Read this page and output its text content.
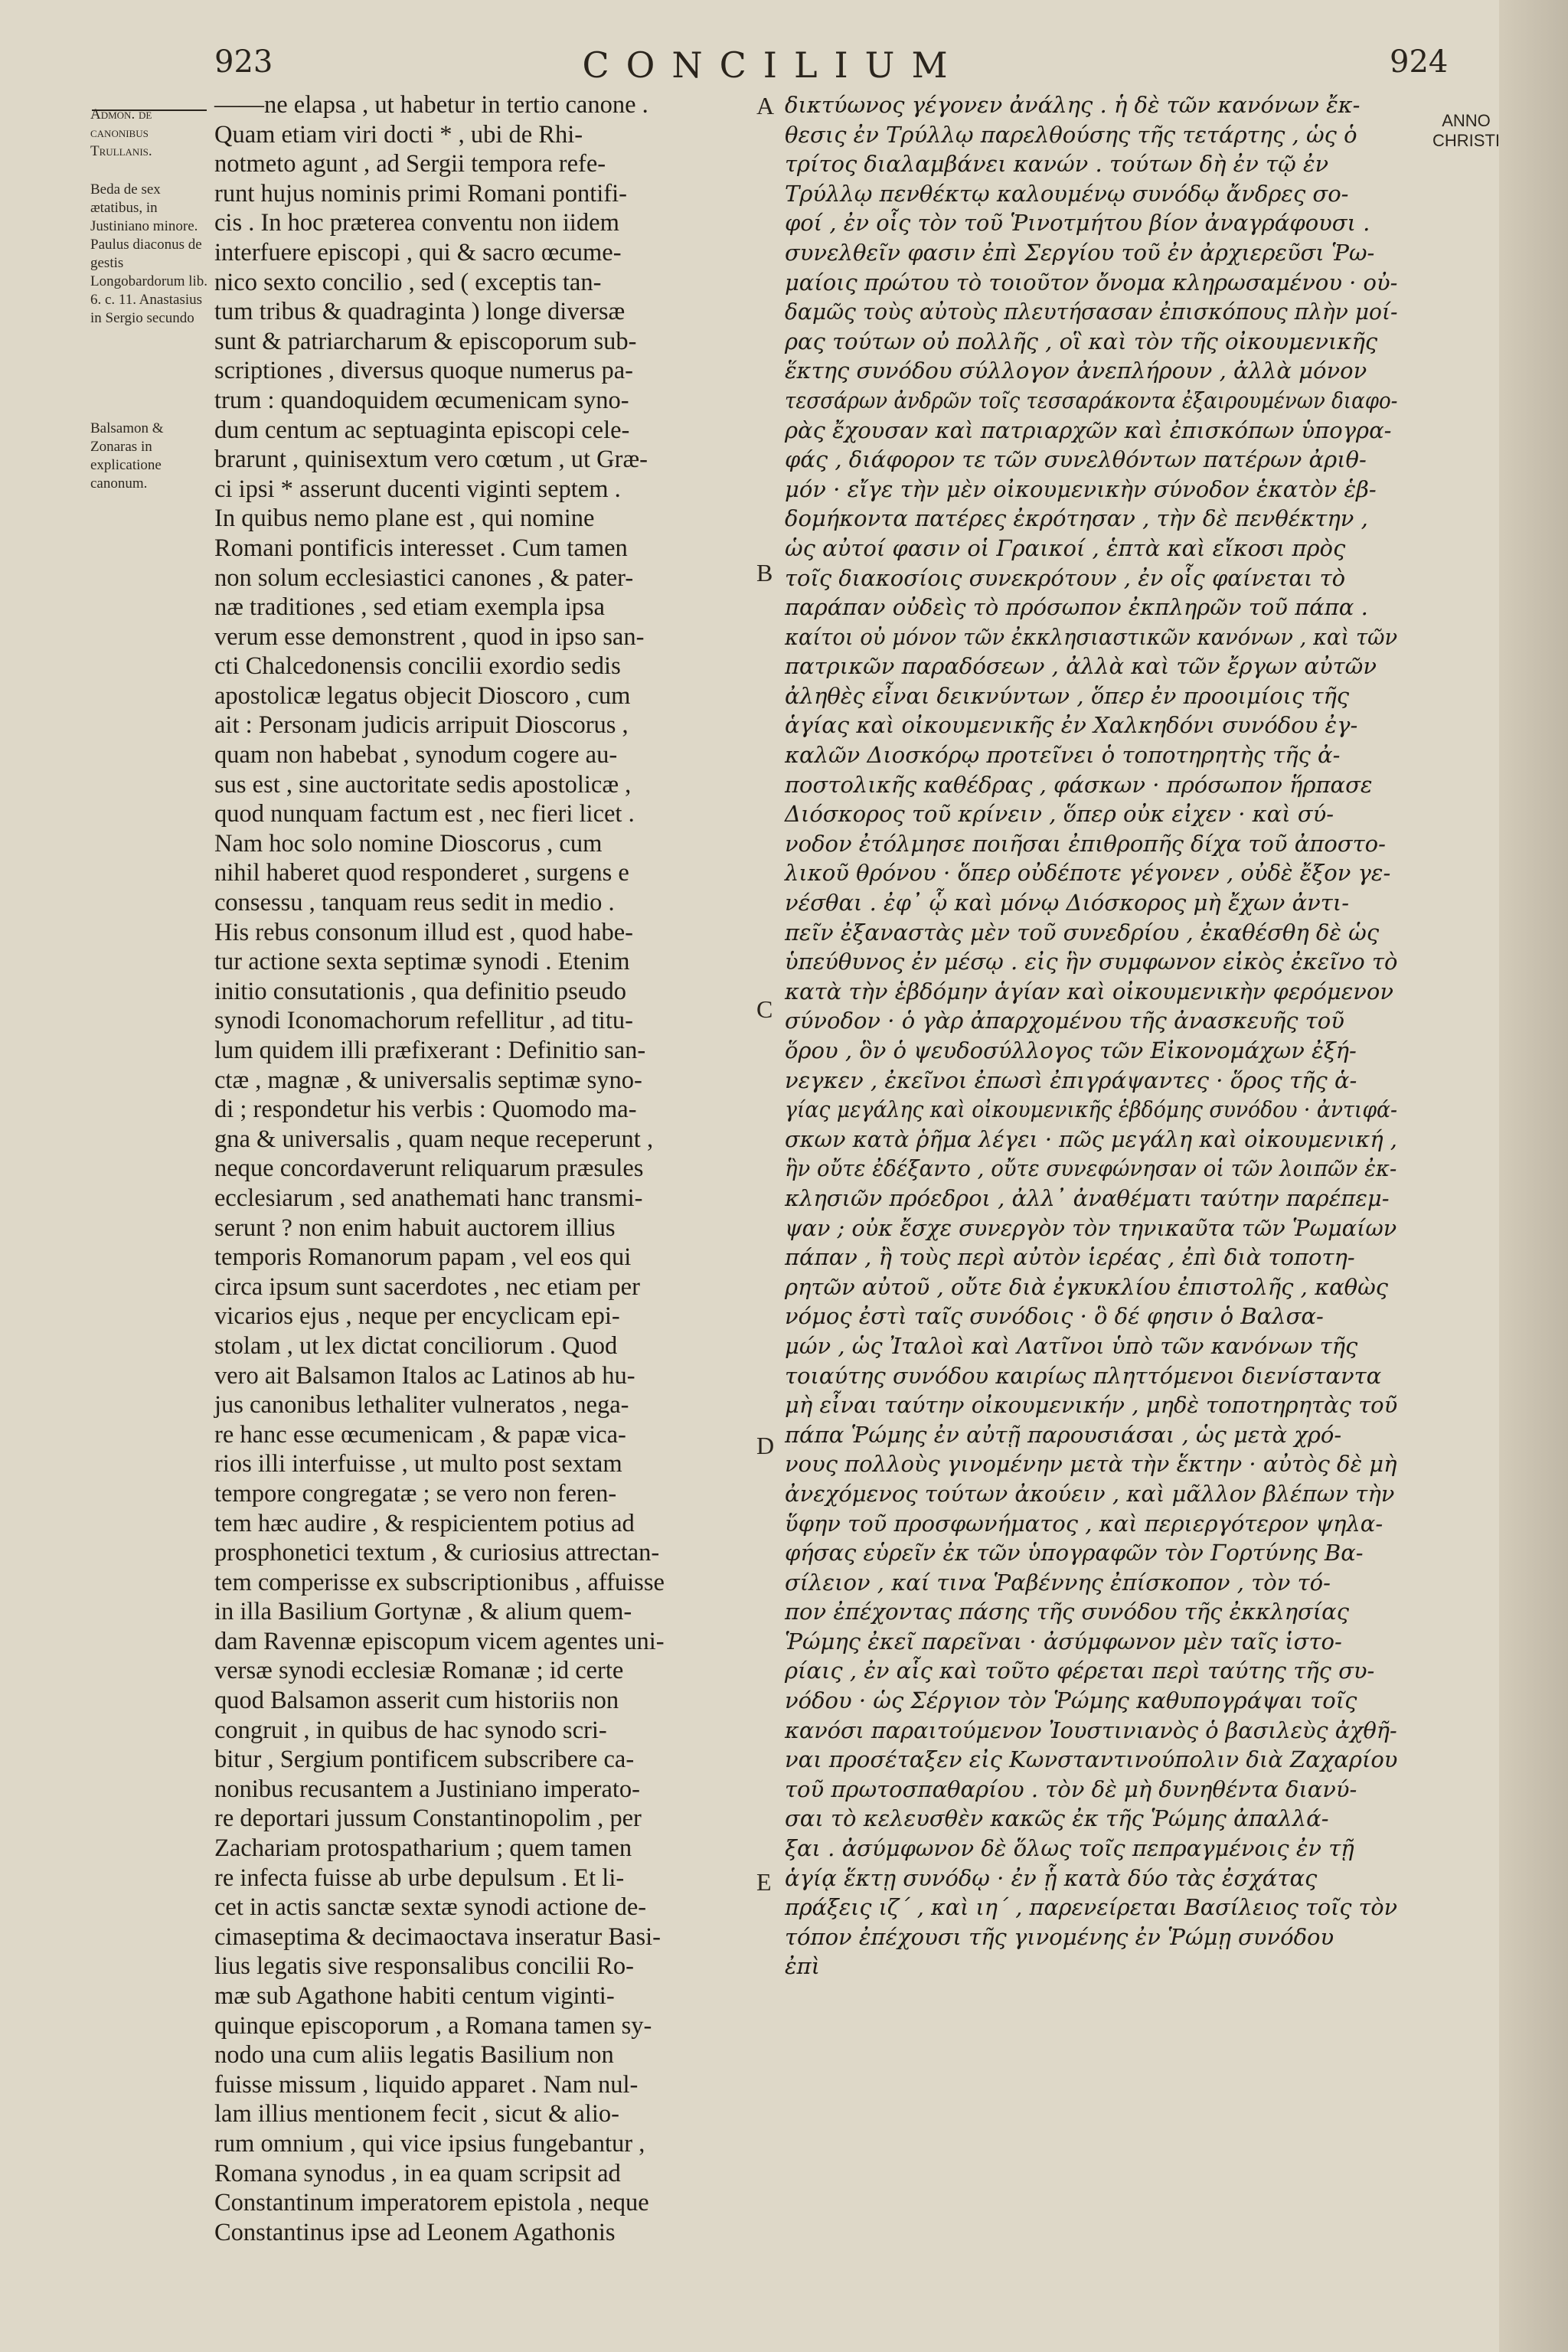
923	CONCILIUM	924
Admon. de canonibus Trullanis.
Beda de sex ætatibus, in Justiniano minore. Paulus diaconus de gestis Longobardorum lib. 6. c. 11. Anastasius in Sergio secundo
Balsamon & Zonaras in explicatione canonum.
——ne elapsa , ut habetur in tertio canone .
Quam etiam viri docti * , ubi de Rhi-
notmeto agunt , ad Sergii tempora refe-
runt hujus nominis primi Romani pontifi-
cis . In hoc præterea conventu non iidem
interfuere episcopi , qui & sacro œcume-
nico sexto concilio , sed ( exceptis tan-
tum tribus & quadraginta ) longe diversæ
sunt & patriarcharum & episcoporum sub-
scriptiones , diversus quoque numerus pa-
trum : quandoquidem œcumenicam syno-
dum centum ac septuaginta episcopi cele-
brarunt , quinisextum vero cœtum , ut Græ-
ci ipsi * asserunt ducenti viginti septem .
In quibus nemo plane est , qui nomine
Romani pontificis interesset . Cum tamen
non solum ecclesiastici canones , & pater-
næ traditiones , sed etiam exempla ipsa
verum esse demonstrent , quod in ipso san-
cti Chalcedonensis concilii exordio sedis
apostolicæ legatus objecit Dioscoro , cum
ait : Personam judicis arripuit Dioscorus ,
quam non habebat , synodum cogere au-
sus est , sine auctoritate sedis apostolicæ ,
quod nunquam factum est , nec fieri licet .
Nam hoc solo nomine Dioscorus , cum
nihil haberet quod responderet , surgens e
consessu , tanquam reus sedit in medio .
His rebus consonum illud est , quod habe-
tur actione sexta septimæ synodi . Etenim
initio consutationis , qua definitio pseudo
synodi Iconomachorum refellitur , ad titu-
lum quidem illi præfixerant : Definitio san-
ctæ , magnæ , & universalis septimæ syno-
di ; respondetur his verbis : Quomodo ma-
gna & universalis , quam neque receperunt ,
neque concordaverunt reliquarum præsules
ecclesiarum , sed anathemati hanc transmi-
serunt ? non enim habuit auctorem illius
temporis Romanorum papam , vel eos qui
circa ipsum sunt sacerdotes , nec etiam per
vicarios ejus , neque per encyclicam epi-
stolam , ut lex dictat conciliorum . Quod
vero ait Balsamon Italos ac Latinos ab hu-
jus canonibus lethaliter vulneratos , nega-
re hanc esse œcumenicam , & papæ vica-
rios illi interfuisse , ut multo post sextam
tempore congregatæ ; se vero non feren-
tem hæc audire , & respicientem potius ad
prosphonetici textum , & curiosius attrectan-
tem comperisse ex subscriptionibus , affuisse
in illa Basilium Gortynæ , & alium quem-
dam Ravennæ episcopum vicem agentes uni-
versæ synodi ecclesiæ Romanæ ; id certe
quod Balsamon asserit cum historiis non
congruit , in quibus de hac synodo scri-
bitur , Sergium pontificem subscribere ca-
nonibus recusantem a Justiniano imperato-
re deportari jussum Constantinopolim , per
Zachariam protospatharium ; quem tamen
re infecta fuisse ab urbe depulsum . Et li-
cet in actis sanctæ sextæ synodi actione de-
cimaseptima & decimaoctava inseratur Basi-
lius legatis sive responsalibus concilii Ro-
mæ sub Agathone habiti centum viginti-
quinque episcoporum , a Romana tamen sy-
nodo una cum aliis legatis Basilium non
fuisse missum , liquido apparet . Nam nul-
lam illius mentionem fecit , sicut & alio-
rum omnium , qui vice ipsius fungebantur ,
Romana synodus , in ea quam scripsit ad
Constantinum imperatorem epistola , neque
Constantinus ipse ad Leonem Agathonis
A
B
C
D
E
δικτύωνος γέγονεν ἀνάλης . ἡ δὲ τῶν κανόνων ἔκ-
θεσις ἐν Τρύλλῳ παρελθούσης τῆς τετάρτης , ὡς ὁ
τρίτος διαλαμβάνει κανών . τούτων δὴ ἐν τῷ ἐν
Τρύλλῳ πενθέκτῳ καλουμένῳ συνόδῳ ἄνδρες σο-
φοί , ἐν οἷς τὸν τοῦ Ῥινοτμήτου βίον ἀναγράφουσι .
συνελθεῖν φασιν ἐπὶ Σεργίου τοῦ ἐν ἀρχιερεῦσι Ῥω-
μαίοις πρώτου τὸ τοιοῦτον ὄνομα κληρωσαμένου · οὐ-
δαμῶς τοὺς αὐτοὺς πλευτήσασαν ἐπισκόπους πλὴν μοί-
ρας τούτων οὐ πολλῆς , οἳ καὶ τὸν τῆς οἰκουμενικῆς
ἕκτης συνόδου σύλλογον ἀνεπλήρουν , ἀλλὰ μόνον
τεσσάρων ἀνδρῶν τοῖς τεσσαράκοντα ἐξαιρουμένων διαφο-
ρὰς ἔχουσαν καὶ πατριαρχῶν καὶ ἐπισκόπων ὑπογρα-
φάς , διάφορον τε τῶν συνελθόντων πατέρων ἀριθ-
μόν · εἴγε τὴν μὲν οἰκουμενικὴν σύνοδον ἑκατὸν ἑβ-
δομήκοντα πατέρες ἐκρότησαν , τὴν δὲ πενθέκτην ,
ὡς αὐτοί φασιν οἱ Γραικοί , ἑπτὰ καὶ εἴκοσι πρὸς
τοῖς διακοσίοις συνεκρότουν , ἐν οἷς φαίνεται τὸ
παράπαν οὐδεὶς τὸ πρόσωπον ἐκπληρῶν τοῦ πάπα .
καίτοι οὐ μόνον τῶν ἐκκλησιαστικῶν κανόνων , καὶ τῶν
πατρικῶν παραδόσεων , ἀλλὰ καὶ τῶν ἔργων αὐτῶν
ἀληθὲς εἶναι δεικνύντων , ὅπερ ἐν προοιμίοις τῆς
ἁγίας καὶ οἰκουμενικῆς ἐν Χαλκηδόνι συνόδου ἐγ-
καλῶν Διοσκόρῳ προτεῖνει ὁ τοποτηρητὴς τῆς ἀ-
ποστολικῆς καθέδρας , φάσκων · πρόσωπον ἥρπασε
Διόσκορος τοῦ κρίνειν , ὅπερ οὐκ εἰχεν · καὶ σύ-
νοδον ἐτόλμησε ποιῆσαι ἐπιθροπῆς δίχα τοῦ ἀποστο-
λικοῦ θρόνου · ὅπερ οὐδέποτε γέγονεν , οὐδὲ ἔξον γε-
νέσθαι . ἐφ᾿ ᾧ καὶ μόνῳ Διόσκορος μὴ ἔχων ἀντι-
πεῖν ἐξαναστὰς μὲν τοῦ συνεδρίου , ἐκαθέσθη δὲ ὡς
ὑπεύθυνος ἐν μέσῳ . εἰς ἣν συμφωνον εἰκὸς ἐκεῖνο τὸ
κατὰ τὴν ἑβδόμην ἁγίαν καὶ οἰκουμενικὴν φερόμενον
σύνοδον · ὁ γὰρ ἀπαρχομένου τῆς ἀνασκευῆς τοῦ
ὅρου , ὃν ὁ ψευδοσύλλογος τῶν Εἰκονομάχων ἐξή-
νεγκεν , ἐκεῖνοι ἐπωσὶ ἐπιγράψαντες · ὅρος τῆς ἁ-
γίας μεγάλης καὶ οἰκουμενικῆς ἑβδόμης συνόδου · ἀντιφά-
σκων κατὰ ῥῆμα λέγει · πῶς μεγάλη καὶ οἰκουμενική ,
ἣν οὔτε ἐδέξαντο , οὔτε συνεφώνησαν οἱ τῶν λοιπῶν ἐκ-
κλησιῶν πρόεδροι , ἀλλ᾿ ἀναθέματι ταύτην παρέπεμ-
ψαν ; οὐκ ἔσχε συνεργὸν τὸν τηνικαῦτα τῶν Ῥωμαίων
πάπαν , ἢ τοὺς περὶ αὐτὸν ἱερέας , ἐπὶ διὰ τοποτη-
ρητῶν αὐτοῦ , οὔτε διὰ ἐγκυκλίου ἐπιστολῆς , καθὼς
νόμος ἐστὶ ταῖς συνόδοις · ὃ δέ φησιν ὁ Βαλσα-
μών , ὡς Ἰταλοὶ καὶ Λατῖνοι ὑπὸ τῶν κανόνων τῆς
τοιαύτης συνόδου καιρίως πληττόμενοι διενίσταντα
μὴ εἶναι ταύτην οἰκουμενικήν , μηδὲ τοποτηρητὰς τοῦ
πάπα Ῥώμης ἐν αὐτῇ παρουσιάσαι , ὡς μετὰ χρό-
νους πολλοὺς γινομένην μετὰ τὴν ἕκτην · αὐτὸς δὲ μὴ
ἀνεχόμενος τούτων ἀκούειν , καὶ μᾶλλον βλέπων τὴν
ὕφην τοῦ προσφωνήματος , καὶ περιεργότερον ψηλα-
φήσας εὑρεῖν ἐκ τῶν ὑπογραφῶν τὸν Γορτύνης Βα-
σίλειον , καί τινα Ῥαβέννης ἐπίσκοπον , τὸν τό-
πον ἐπέχοντας πάσης τῆς συνόδου τῆς ἐκκλησίας
Ῥώμης ἐκεῖ παρεῖναι · ἀσύμφωνον μὲν ταῖς ἱστο-
ρίαις , ἐν αἷς καὶ τοῦτο φέρεται περὶ ταύτης τῆς συ-
νόδου · ὡς Σέργιον τὸν Ῥώμης καθυπογράψαι τοῖς
κανόσι παραιτούμενον Ἰουστινιανὸς ὁ βασιλεὺς ἀχθῆ-
ναι προσέταξεν εἰς Κωνσταντινούπολιν διὰ Ζαχαρίου
τοῦ πρωτοσπαθαρίου . τὸν δὲ μὴ δυνηθέντα διανύ-
σαι τὸ κελευσθὲν κακῶς ἐκ τῆς Ῥώμης ἀπαλλά-
ξαι . ἀσύμφωνον δὲ ὅλως τοῖς πεπραγμένοις ἐν τῇ
ἁγίᾳ ἕκτῃ συνόδῳ · ἐν ᾗ κατὰ δύο τὰς ἐσχάτας
πράξεις ιζ´ , καὶ ιη´ , παρενείρεται Βασίλειος τοῖς τὸν
τόπον ἐπέχουσι τῆς γινομένης ἐν Ῥώμῃ συνόδου
ἐπὶ
ANNO
CHRISTI
